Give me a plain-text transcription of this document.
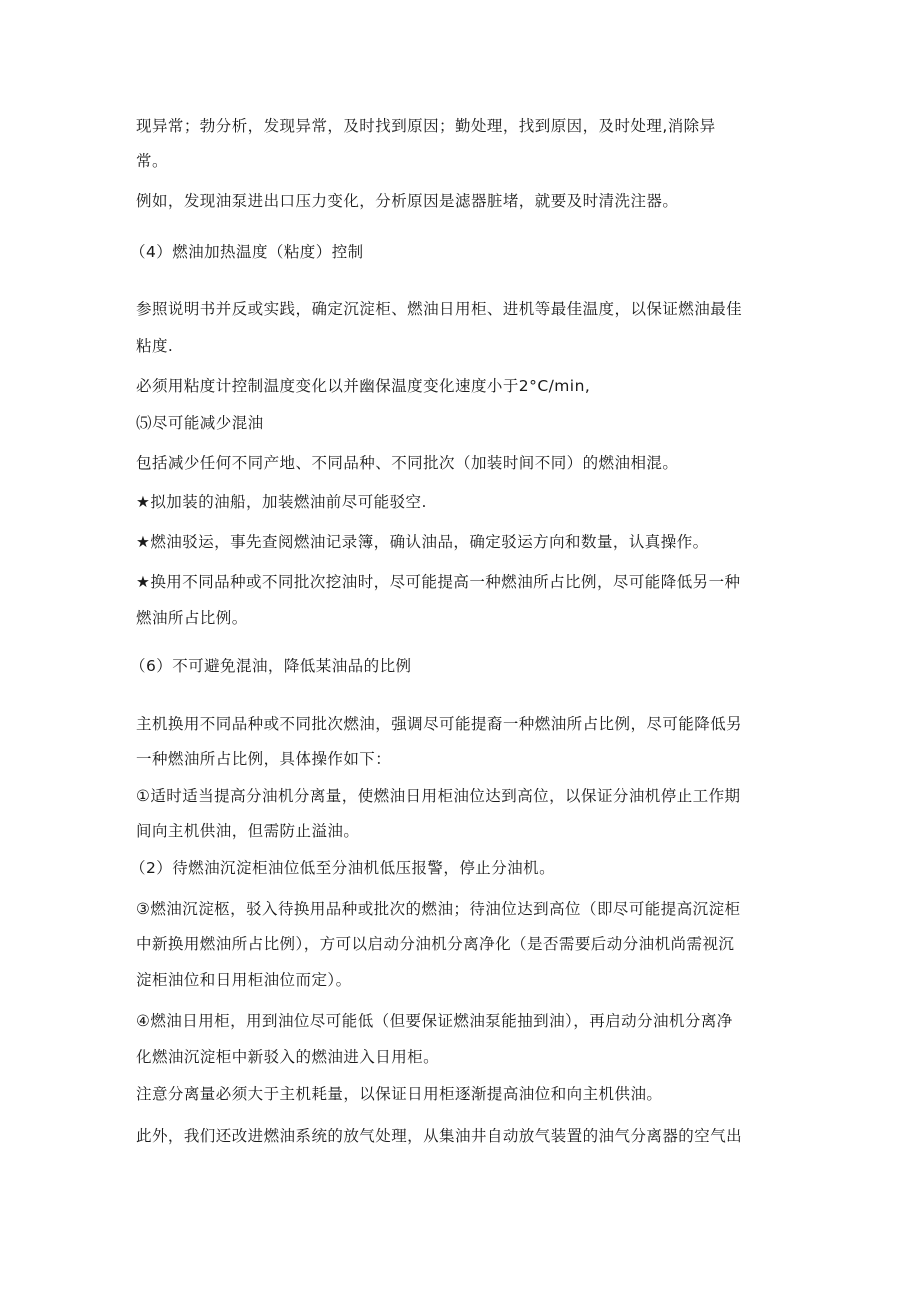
现异常；勃分析，发现异常，及时找到原因；勤处理，找到原因，及时处理,消除异
常。
例如，发现油泵进出口压力变化，分析原因是滤器脏堵，就要及时清洗注器。
（4）燃油加热温度（粘度）控制
参照说明书并反或实践，确定沉淀柜、燃油日用柜、进机等最佳温度，以保证燃油最佳
粘度.
必须用粘度计控制温度变化以并幽保温度变化速度小于2°C∕min,
⑸尽可能减少混油
包括减少任何不同产地、不同品种、不同批次（加装时间不同）的燃油相混。
★拟加装的油船，加装燃油前尽可能驳空.
★燃油驳运，事先查阅燃油记录簿，确认油品，确定驳运方向和数量，认真操作。
★换用不同品种或不同批次挖油时，尽可能提高一种燃油所占比例，尽可能降低另一种
燃油所占比例。
（6）不可避免混油，降低某油品的比例
主机换用不同品种或不同批次燃油，强调尽可能提裔一种燃油所占比例，尽可能降低另
一种燃油所占比例，具体操作如下：
①适时适当提高分油机分离量，使燃油日用柜油位达到高位，以保证分油机停止工作期
间向主机供油，但需防止溢油。
（2）待燃油沉淀柜油位低至分油机低压报警，停止分油机。
③燃油沉淀柩，驳入待换用品种或批次的燃油；待油位达到高位（即尽可能提高沉淀柜
中新换用燃油所占比例），方可以启动分油机分离净化（是否需要后动分油机尚需视沉
淀柜油位和日用柜油位而定）。
④燃油日用柜，用到油位尽可能低（但要保证燃油泵能抽到油），再启动分油机分离净
化燃油沉淀柜中新驳入的燃油进入日用柜。
注意分离量必须大于主机耗量，以保证日用柜逐渐提高油位和向主机供油。
此外，我们还改进燃油系统的放气处理，从集油井自动放气装置的油气分离器的空气出
